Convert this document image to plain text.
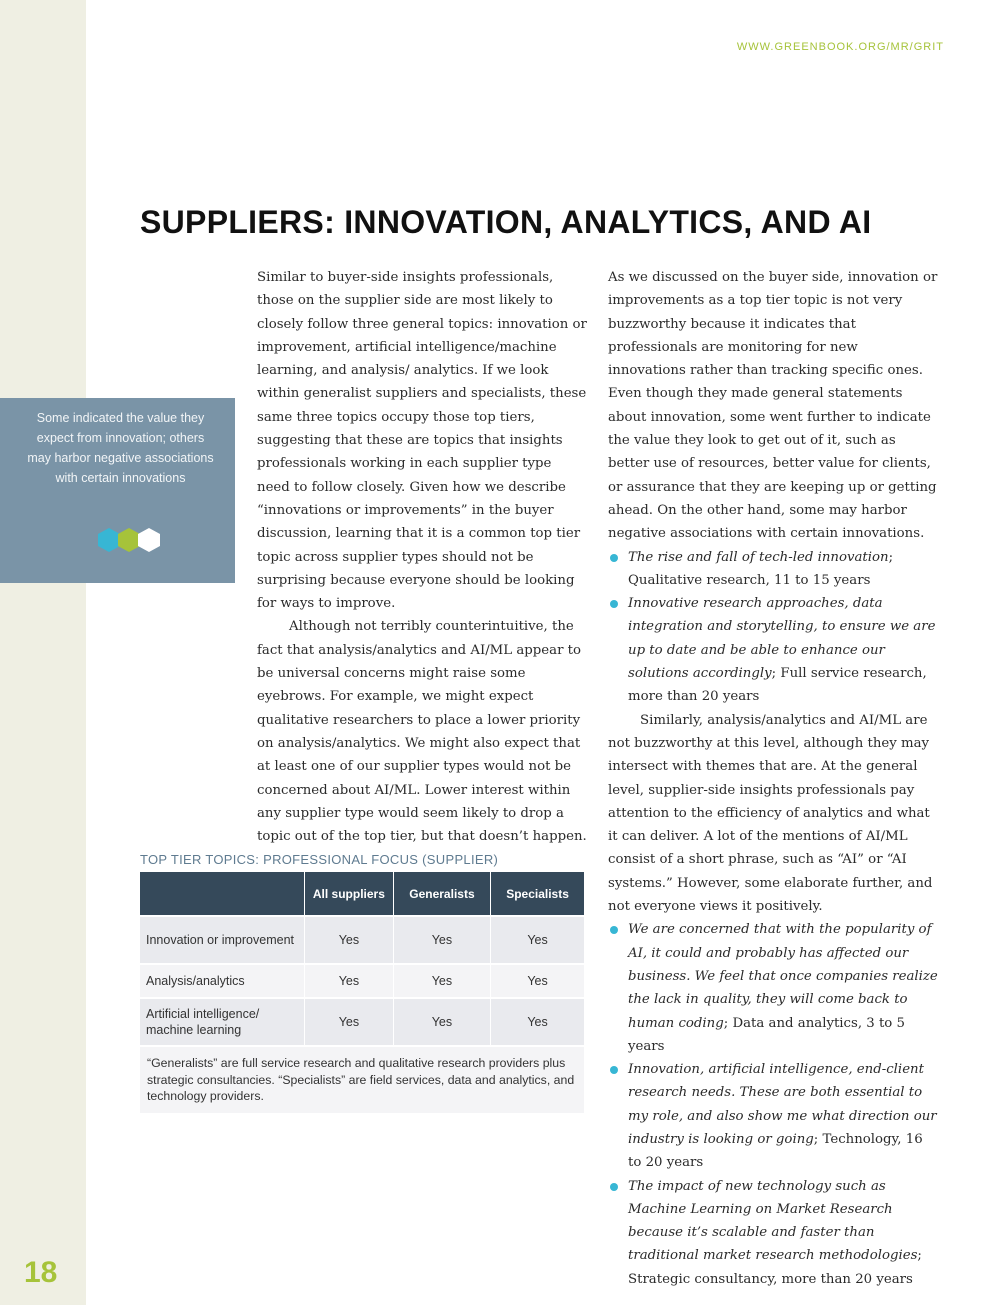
18
WWW.GREENBOOK.ORG/MR/GRIT
SUPPLIERS: INNOVATION, ANALYTICS, AND AI
Some indicated the value they expect from innovation; others may harbor negative associations with certain innovations

Similar to buyer-side insights professionals, those on the supplier side are most likely to closely follow three general topics: innovation or improvement, artificial intelligence/machine learning, and analysis/ analytics. If we look within generalist suppliers and specialists, these same three topics occupy those top tiers, suggesting that these are topics that insights professionals working in each supplier type need to follow closely. Given how we describe “innovations or improvements” in the buyer discussion, learning that it is a common top tier topic across supplier types should not be surprising because everyone should be looking for ways to improve.

Although not terribly counterintuitive, the fact that analysis/analytics and AI/ML appear to be universal concerns might raise some eyebrows. For example, we might expect qualitative researchers to place a lower priority on analysis/analytics. We might also expect that at least one of our supplier types would not be concerned about AI/ML. Lower interest within any supplier type would seem likely to drop a topic out of the top tier, but that doesn’t happen.

As we discussed on the buyer side, innovation or improvements as a top tier topic is not very buzzworthy because it indicates that professionals are monitoring for new innovations rather than tracking specific ones. Even though they made general statements about innovation, some went further to indicate the value they look to get out of it, such as better use of resources, better value for clients, or assurance that they are keeping up or getting ahead. On the other hand, some may harbor negative associations with certain innovations.

The rise and fall of tech-led innovation; Qualitative research, 11 to 15 years
Innovative research approaches, data integration and storytelling, to ensure we are up to date and be able to enhance our solutions accordingly; Full service research, more than 20 years

Similarly, analysis/analytics and AI/ML are not buzzworthy at this level, although they may intersect with themes that are. At the general level, supplier-side insights professionals pay attention to the efficiency of analytics and what it can deliver. A lot of the mentions of AI/ML consist of a short phrase, such as “AI” or “AI systems.” However, some elaborate further, and not everyone views it positively.

We are concerned that with the popularity of AI, it could and probably has affected our business. We feel that once companies realize the lack in quality, they will come back to human coding; Data and analytics, 3 to 5 years
Innovation, artificial intelligence, end-client research needs. These are both essential to my role, and also show me what direction our industry is looking or going; Technology, 16 to 20 years
The impact of new technology such as Machine Learning on Market Research because it’s scalable and faster than traditional market research methodologies; Strategic consultancy, more than 20 years
TOP TIER TOPICS: PROFESSIONAL FOCUS (SUPPLIER)
	All suppliers	Generalists	Specialists
Innovation or improvement	Yes	Yes	Yes
Analysis/analytics	Yes	Yes	Yes
Artificial intelligence/ machine learning	Yes	Yes	Yes
“Generalists” are full service research and qualitative research providers plus strategic consultancies. “Specialists” are field services, data and analytics, and technology providers.			
